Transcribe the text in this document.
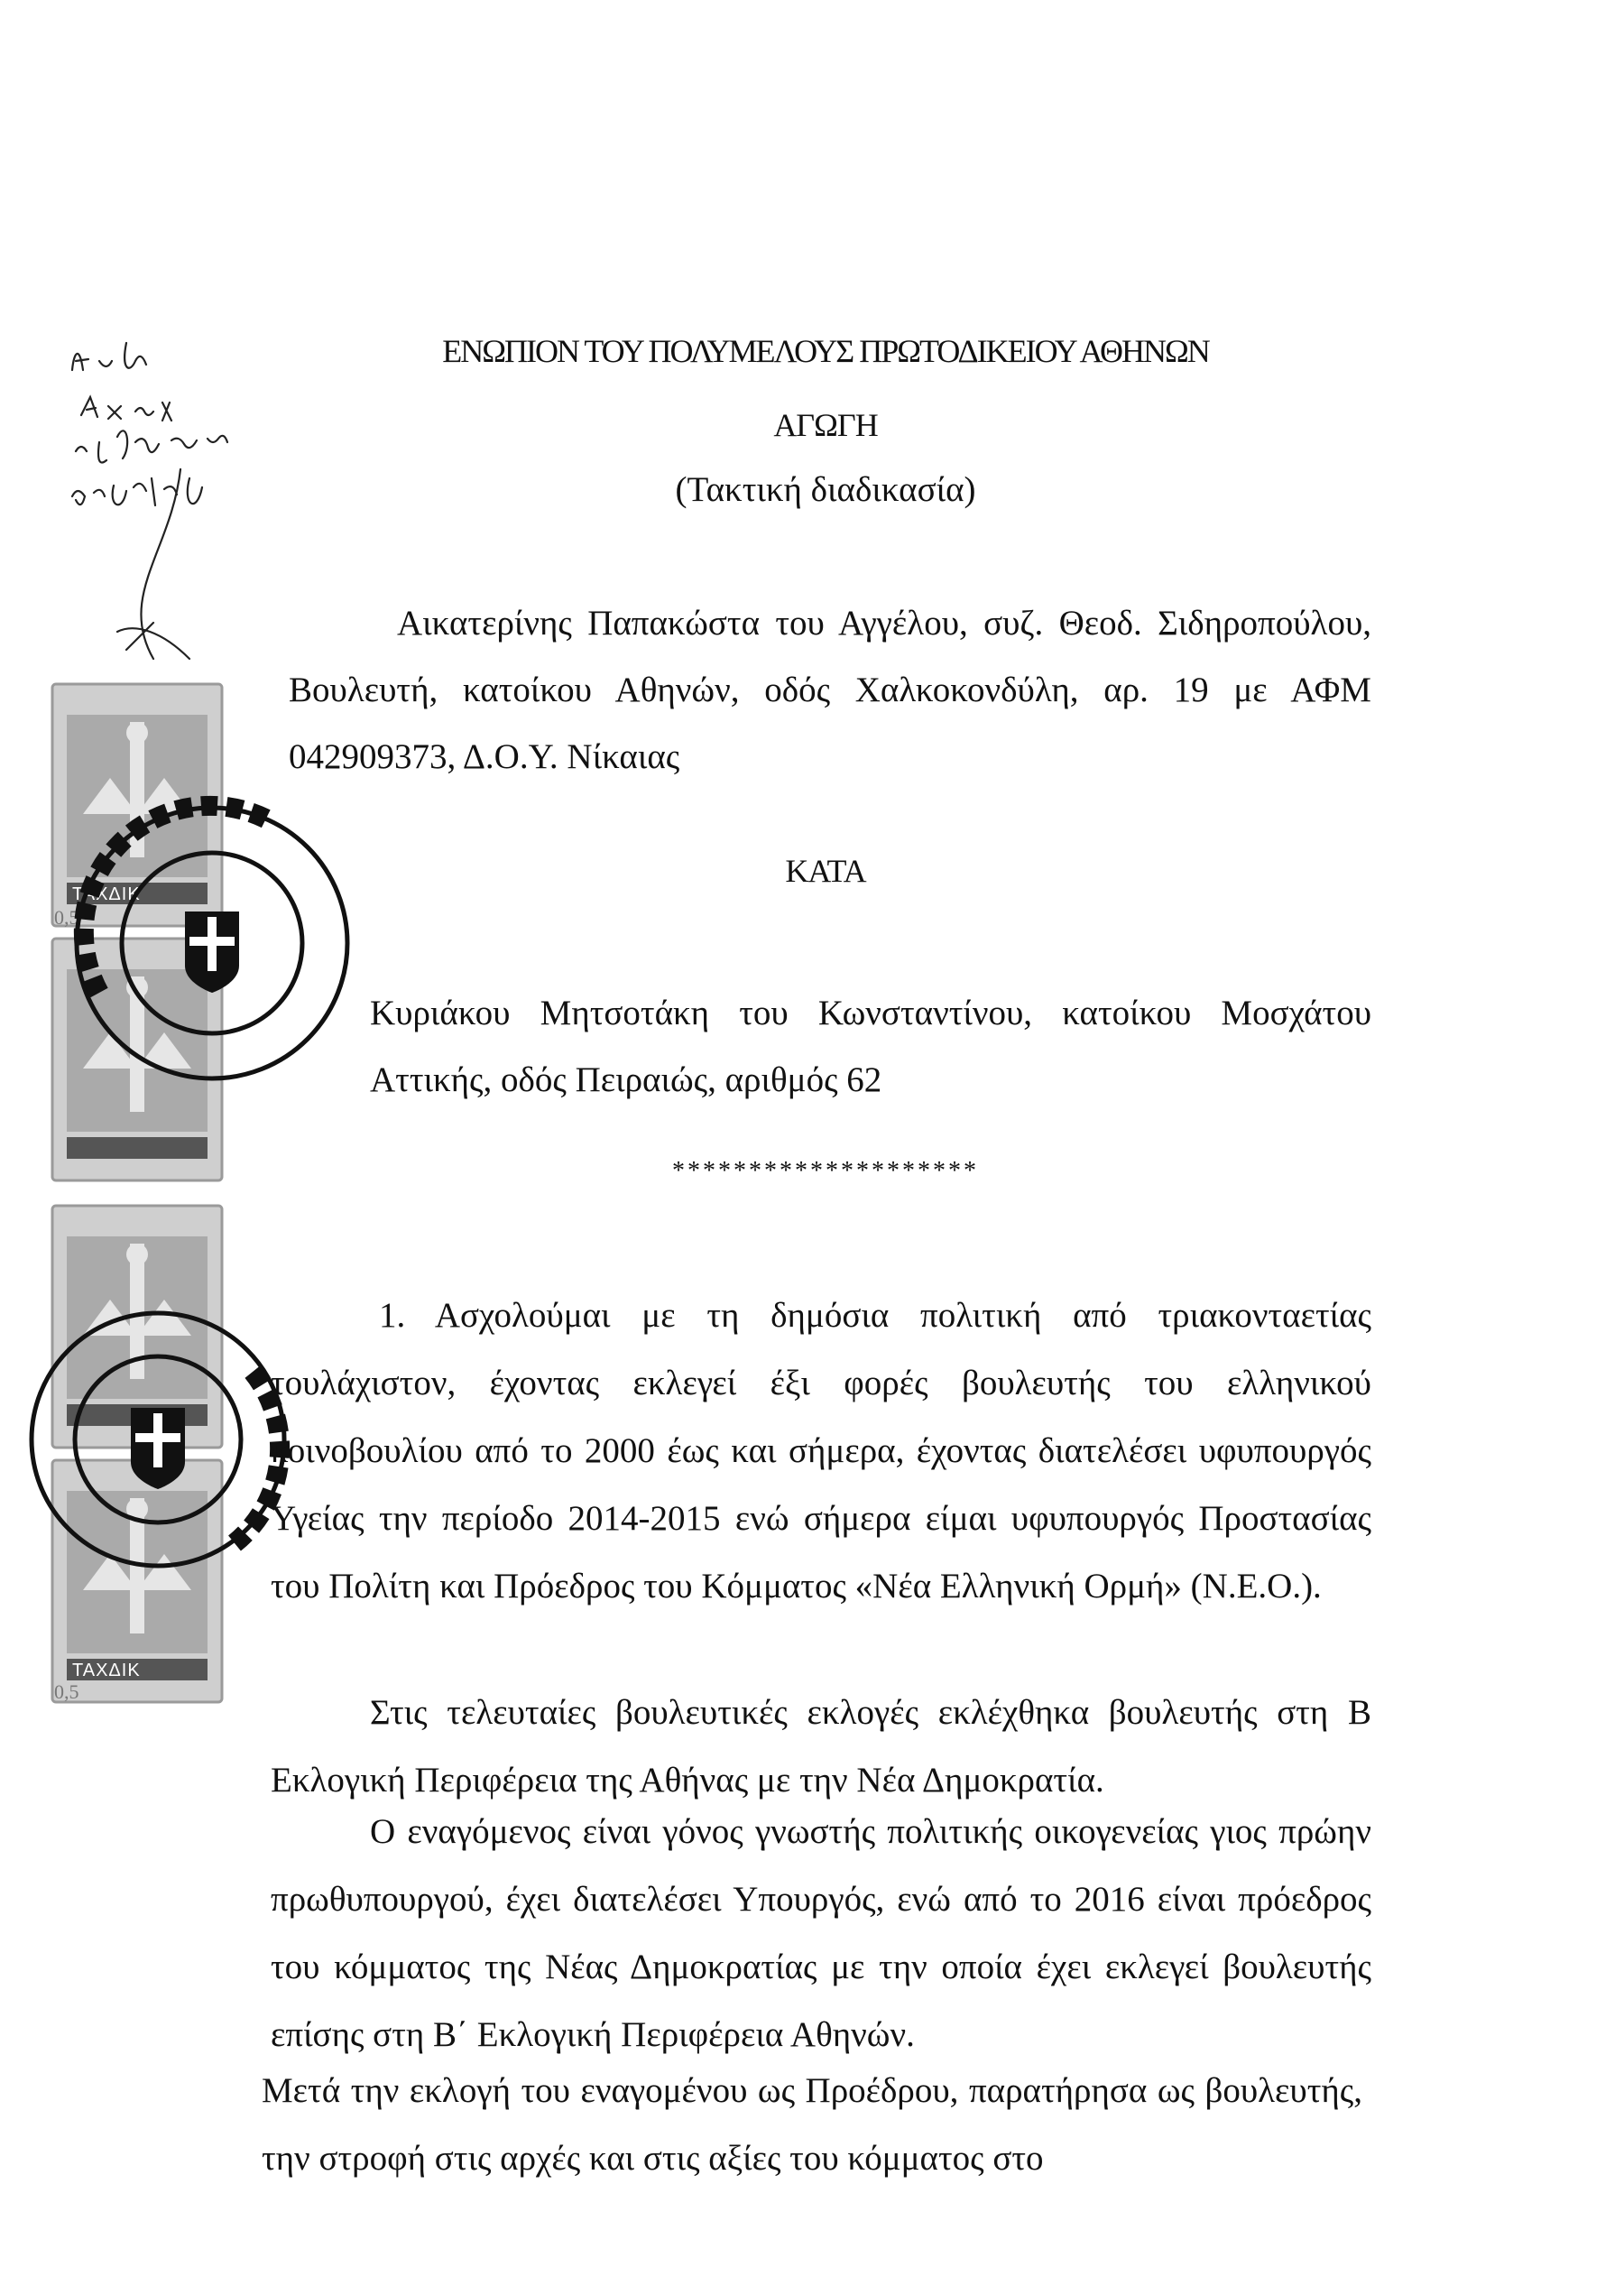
ΤΑΧΔΙΚ
0,5
ΤΑΧΔΙΚ
0,5
ΕΝΩΠΙΟΝ ΤΟΥ ΠΟΛΥΜΕΛΟΥΣ ΠΡΩΤΟΔΙΚΕΙΟΥ ΑΘΗΝΩΝ
ΑΓΩΓΗ
(Τακτική διαδικασία)
Αικατερίνης Παπακώστα του Αγγέλου, συζ. Θεοδ. Σιδηροπούλου, Βουλευτή, κατοίκου Αθηνών, οδός Χαλκοκονδύλη, αρ. 19 με ΑΦΜ 042909373, Δ.Ο.Υ. Νίκαιας
ΚΑΤΑ
Κυριάκου Μητσοτάκη του Κωνσταντίνου, κατοίκου Μοσχάτου Αττικής, οδός Πειραιώς, αριθμός 62
********************
1. Ασχολούμαι με τη δημόσια πολιτική από τριακονταετίας τουλάχιστον, έχοντας εκλεγεί έξι φορές βουλευτής του ελληνικού κοινοβουλίου από το 2000 έως και σήμερα, έχοντας διατελέσει υφυπουργός Υγείας την περίοδο 2014-2015 ενώ σήμερα είμαι υφυπουργός Προστασίας του Πολίτη και Πρόεδρος του Κόμματος «Νέα Ελληνική Ορμή» (Ν.Ε.Ο.).
Στις τελευταίες βουλευτικές εκλογές εκλέχθηκα βουλευτής στη Β Εκλογική Περιφέρεια της Αθήνας με την Νέα Δημοκρατία.
Ο εναγόμενος είναι γόνος γνωστής πολιτικής οικογενείας γιος πρώην πρωθυπουργού, έχει διατελέσει Υπουργός, ενώ από το 2016 είναι πρόεδρος του κόμματος της Νέας Δημοκρατίας με την οποία έχει εκλεγεί βουλευτής επίσης στη Β΄ Εκλογική Περιφέρεια Αθηνών.
Μετά την εκλογή του εναγομένου ως Προέδρου, παρατήρησα ως βουλευτής, την στροφή στις αρχές και στις αξίες του κόμματος στο
